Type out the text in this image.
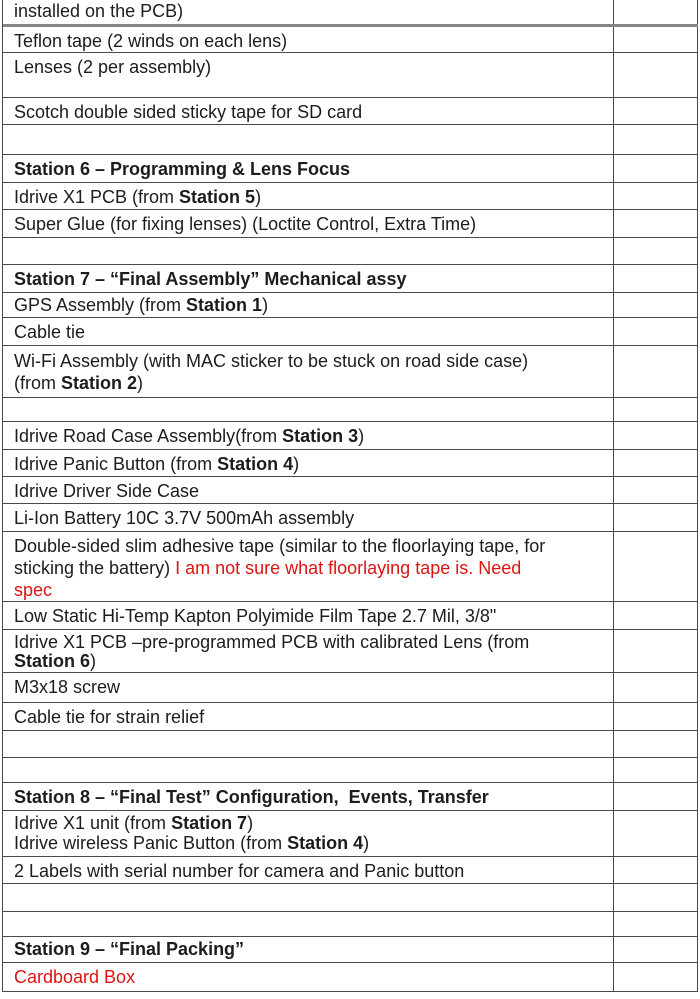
installed on the PCB)
Teflon tape (2 winds on each lens)
Lenses (2 per assembly)
Scotch double sided sticky tape for SD card
Station 6 – Programming & Lens Focus
Idrive X1 PCB (from Station 5)
Super Glue (for fixing lenses) (Loctite Control, Extra Time)
Station 7 – “Final Assembly” Mechanical assy
GPS Assembly (from Station 1)
Cable tie
Wi-Fi Assembly (with MAC sticker to be stuck on road side case)
(from Station 2)
Idrive Road Case Assembly(from Station 3)
Idrive Panic Button (from Station 4)
Idrive Driver Side Case
Li-Ion Battery 10C 3.7V 500mAh assembly
Double-sided slim adhesive tape (similar to the floorlaying tape, for
sticking the battery) I am not sure what floorlaying tape is. Need
spec
Low Static Hi-Temp Kapton Polyimide Film Tape 2.7 Mil, 3/8"
Idrive X1 PCB –pre-programmed PCB with calibrated Lens (from
Station 6)
M3x18 screw
Cable tie for strain relief
Station 8 – “Final Test” Configuration,  Events, Transfer
Idrive X1 unit (from Station 7)
Idrive wireless Panic Button (from Station 4)
2 Labels with serial number for camera and Panic button
Station 9 – “Final Packing”
Cardboard Box
